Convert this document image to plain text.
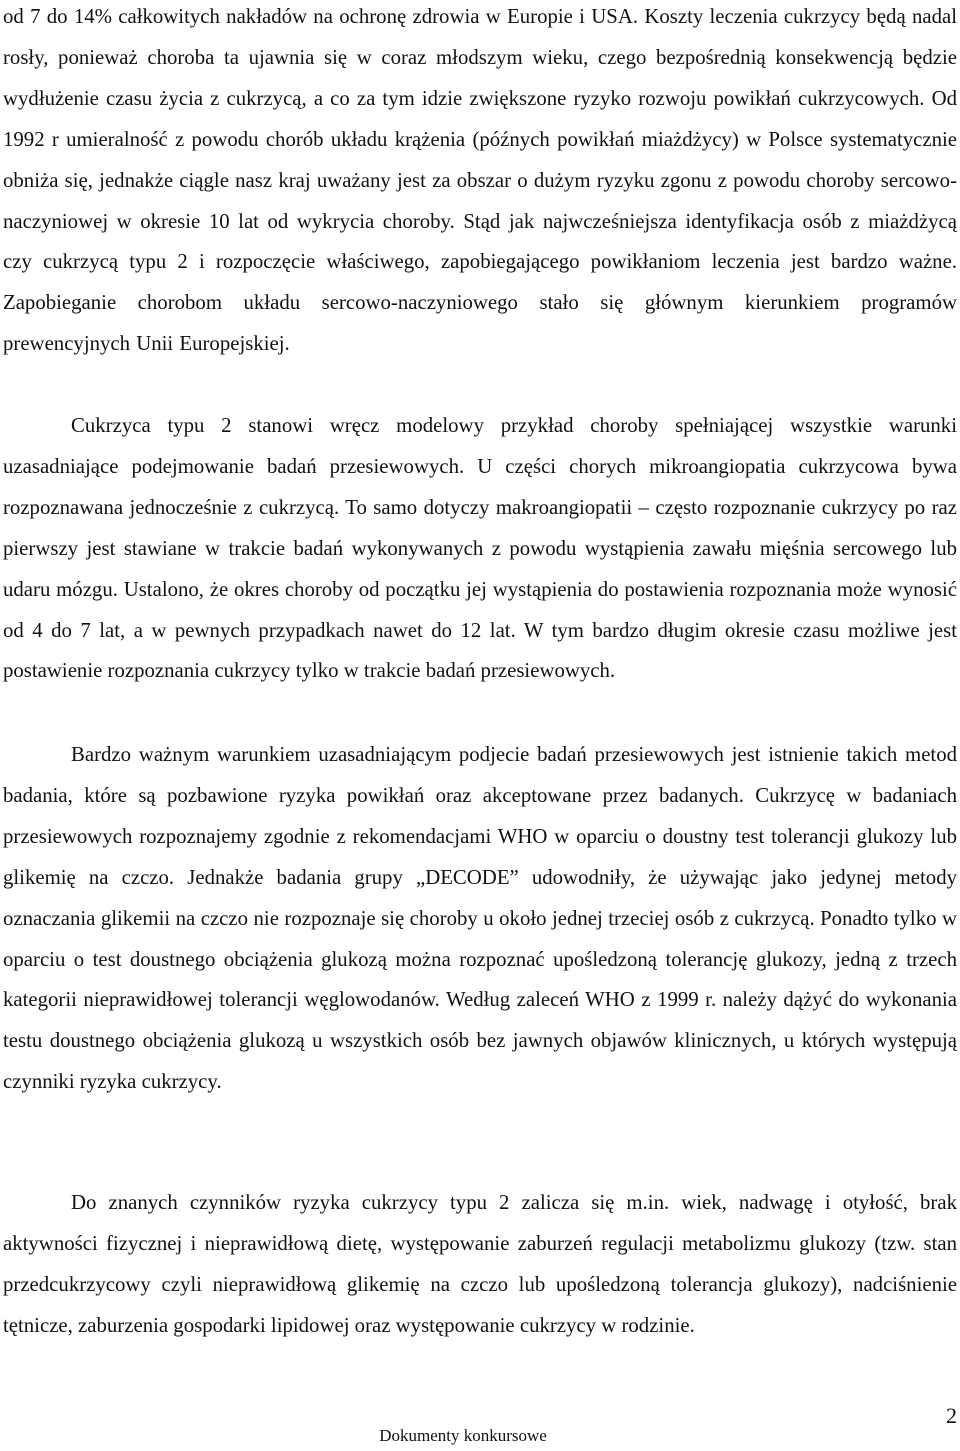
od 7 do 14% całkowitych nakładów na ochronę zdrowia w Europie i USA. Koszty leczenia cukrzycy będą nadal rosły, ponieważ choroba ta ujawnia się w coraz młodszym wieku, czego bezpośrednią konsekwencją będzie wydłużenie czasu życia z cukrzycą, a co za tym idzie zwiększone ryzyko rozwoju powikłań cukrzycowych. Od 1992 r umieralność z powodu chorób układu krążenia (późnych powikłań miażdżycy) w Polsce systematycznie obniża się, jednakże ciągle nasz kraj uważany jest za obszar o dużym ryzyku zgonu z powodu choroby sercowo-naczyniowej w okresie 10 lat od wykrycia choroby. Stąd jak najwcześniejsza identyfikacja osób z miażdżycą czy cukrzycą typu 2 i rozpoczęcie właściwego, zapobiegającego powikłaniom leczenia jest bardzo ważne. Zapobieganie chorobom układu sercowo-naczyniowego stało się głównym kierunkiem programów prewencyjnych Unii Europejskiej.

Cukrzyca typu 2 stanowi wręcz modelowy przykład choroby spełniającej wszystkie warunki uzasadniające podejmowanie badań przesiewowych. U części chorych mikroangiopatia cukrzycowa bywa rozpoznawana jednocześnie z cukrzycą. To samo dotyczy makroangiopatii – często rozpoznanie cukrzycy po raz pierwszy jest stawiane w trakcie badań wykonywanych z powodu wystąpienia zawału mięśnia sercowego lub udaru mózgu. Ustalono, że okres choroby od początku jej wystąpienia do postawienia rozpoznania może wynosić od 4 do 7 lat, a w pewnych przypadkach nawet do 12 lat. W tym bardzo długim okresie czasu możliwe jest postawienie rozpoznania cukrzycy tylko w trakcie badań przesiewowych.

Bardzo ważnym warunkiem uzasadniającym podjecie badań przesiewowych jest istnienie takich metod badania, które są pozbawione ryzyka powikłań oraz akceptowane przez badanych. Cukrzycę w badaniach przesiewowych rozpoznajemy zgodnie z rekomendacjami WHO w oparciu o doustny test tolerancji glukozy lub glikemię na czczo. Jednakże badania grupy „DECODE” udowodniły, że używając jako jedynej metody oznaczania glikemii na czczo nie rozpoznaje się choroby u około jednej trzeciej osób z cukrzycą. Ponadto tylko w oparciu o test doustnego obciążenia glukozą można rozpoznać upośledzoną tolerancję glukozy, jedną z trzech kategorii nieprawidłowej tolerancji węglowodanów. Według zaleceń WHO z 1999 r. należy dążyć do wykonania testu doustnego obciążenia glukozą u wszystkich osób bez jawnych objawów klinicznych, u których występują czynniki ryzyka cukrzycy.

Do znanych czynników ryzyka cukrzycy typu 2 zalicza się m.in. wiek, nadwagę i otyłość, brak aktywności fizycznej i nieprawidłową dietę, występowanie zaburzeń regulacji metabolizmu glukozy (tzw. stan przedcukrzycowy czyli nieprawidłową glikemię na czczo lub upośledzoną tolerancja glukozy), nadciśnienie tętnicze, zaburzenia gospodarki lipidowej oraz występowanie cukrzycy w rodzinie.

2
Dokumenty konkursowe
